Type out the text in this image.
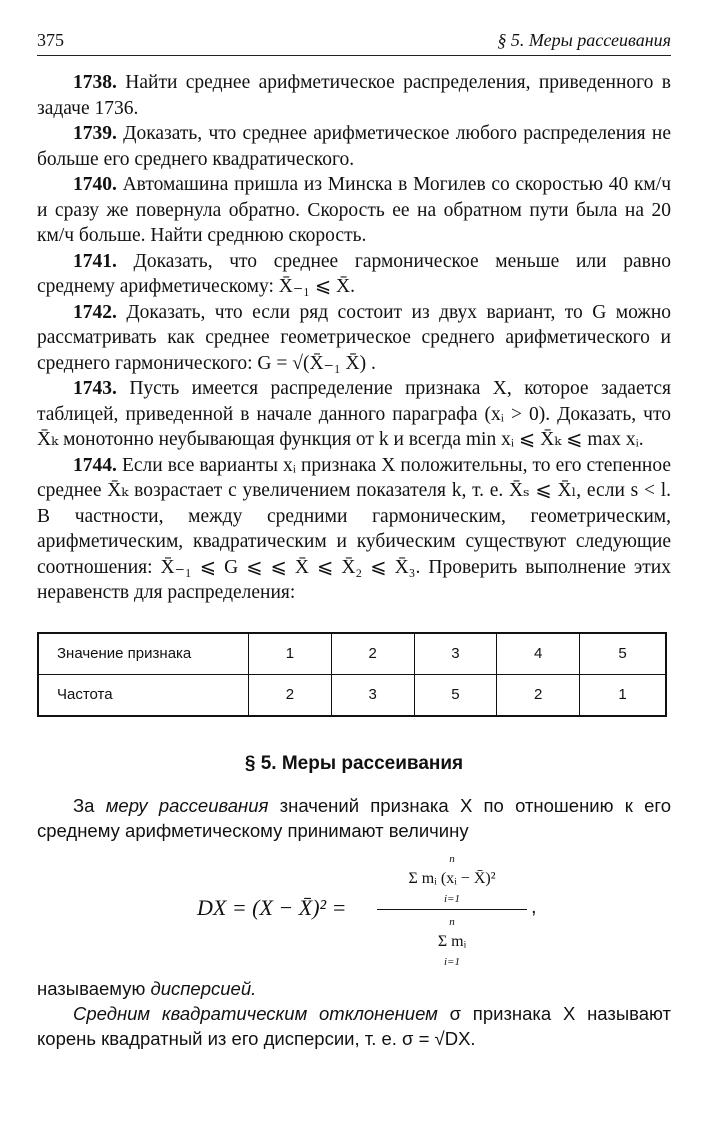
375	§ 5. Меры рассеивания

1738. Найти среднее арифметическое распределения, приведенного в задаче 1736.

1739. Доказать, что среднее арифметическое любого распределения не больше его среднего квадратического.

1740. Автомашина пришла из Минска в Могилев со скоростью 40 км/ч и сразу же повернула обратно. Скорость ее на обратном пути была на 20 км/ч больше. Найти среднюю скорость.

1741. Доказать, что среднее гармоническое меньше или равно среднему арифметическому: X̄₋₁ ⩽ X̄.

1742. Доказать, что если ряд состоит из двух вариант, то G можно рассматривать как среднее геометрическое среднего арифметического и среднего гармонического: G = √(X̄₋₁ X̄) .

1743. Пусть имеется распределение признака X, которое задается таблицей, приведенной в начале данного параграфа (xᵢ > 0). Доказать, что X̄ₖ монотонно неубывающая функция от k и всегда min xᵢ ⩽ X̄ₖ ⩽ max xᵢ.

1744. Если все варианты xᵢ признака X положительны, то его степенное среднее X̄ₖ возрастает с увеличением показателя k, т. е. X̄ₛ ⩽ X̄ₗ, если s < l. В частности, между средними гармоническим, геометрическим, арифметическим, квадратическим и кубическим существуют следующие соотношения: X̄₋₁ ⩽ G ⩽ ⩽ X̄ ⩽ X̄₂ ⩽ X̄₃. Проверить выполнение этих неравенств для распределения:

Значение признака	1	2	3	4	5
Частота	2	3	5	2	1
§ 5. Меры рассеивания

За меру рассеивания значений признака X по отношению к его среднему арифметическому принимают величину

DX = (X − X̄)² =
n
Σ mᵢ (xᵢ − X̄)²
i=1
n
Σ mᵢ
i=1
,

называемую дисперсией.

Средним квадратическим отклонением σ признака X называют корень квадратный из его дисперсии, т. е. σ = √DX.
